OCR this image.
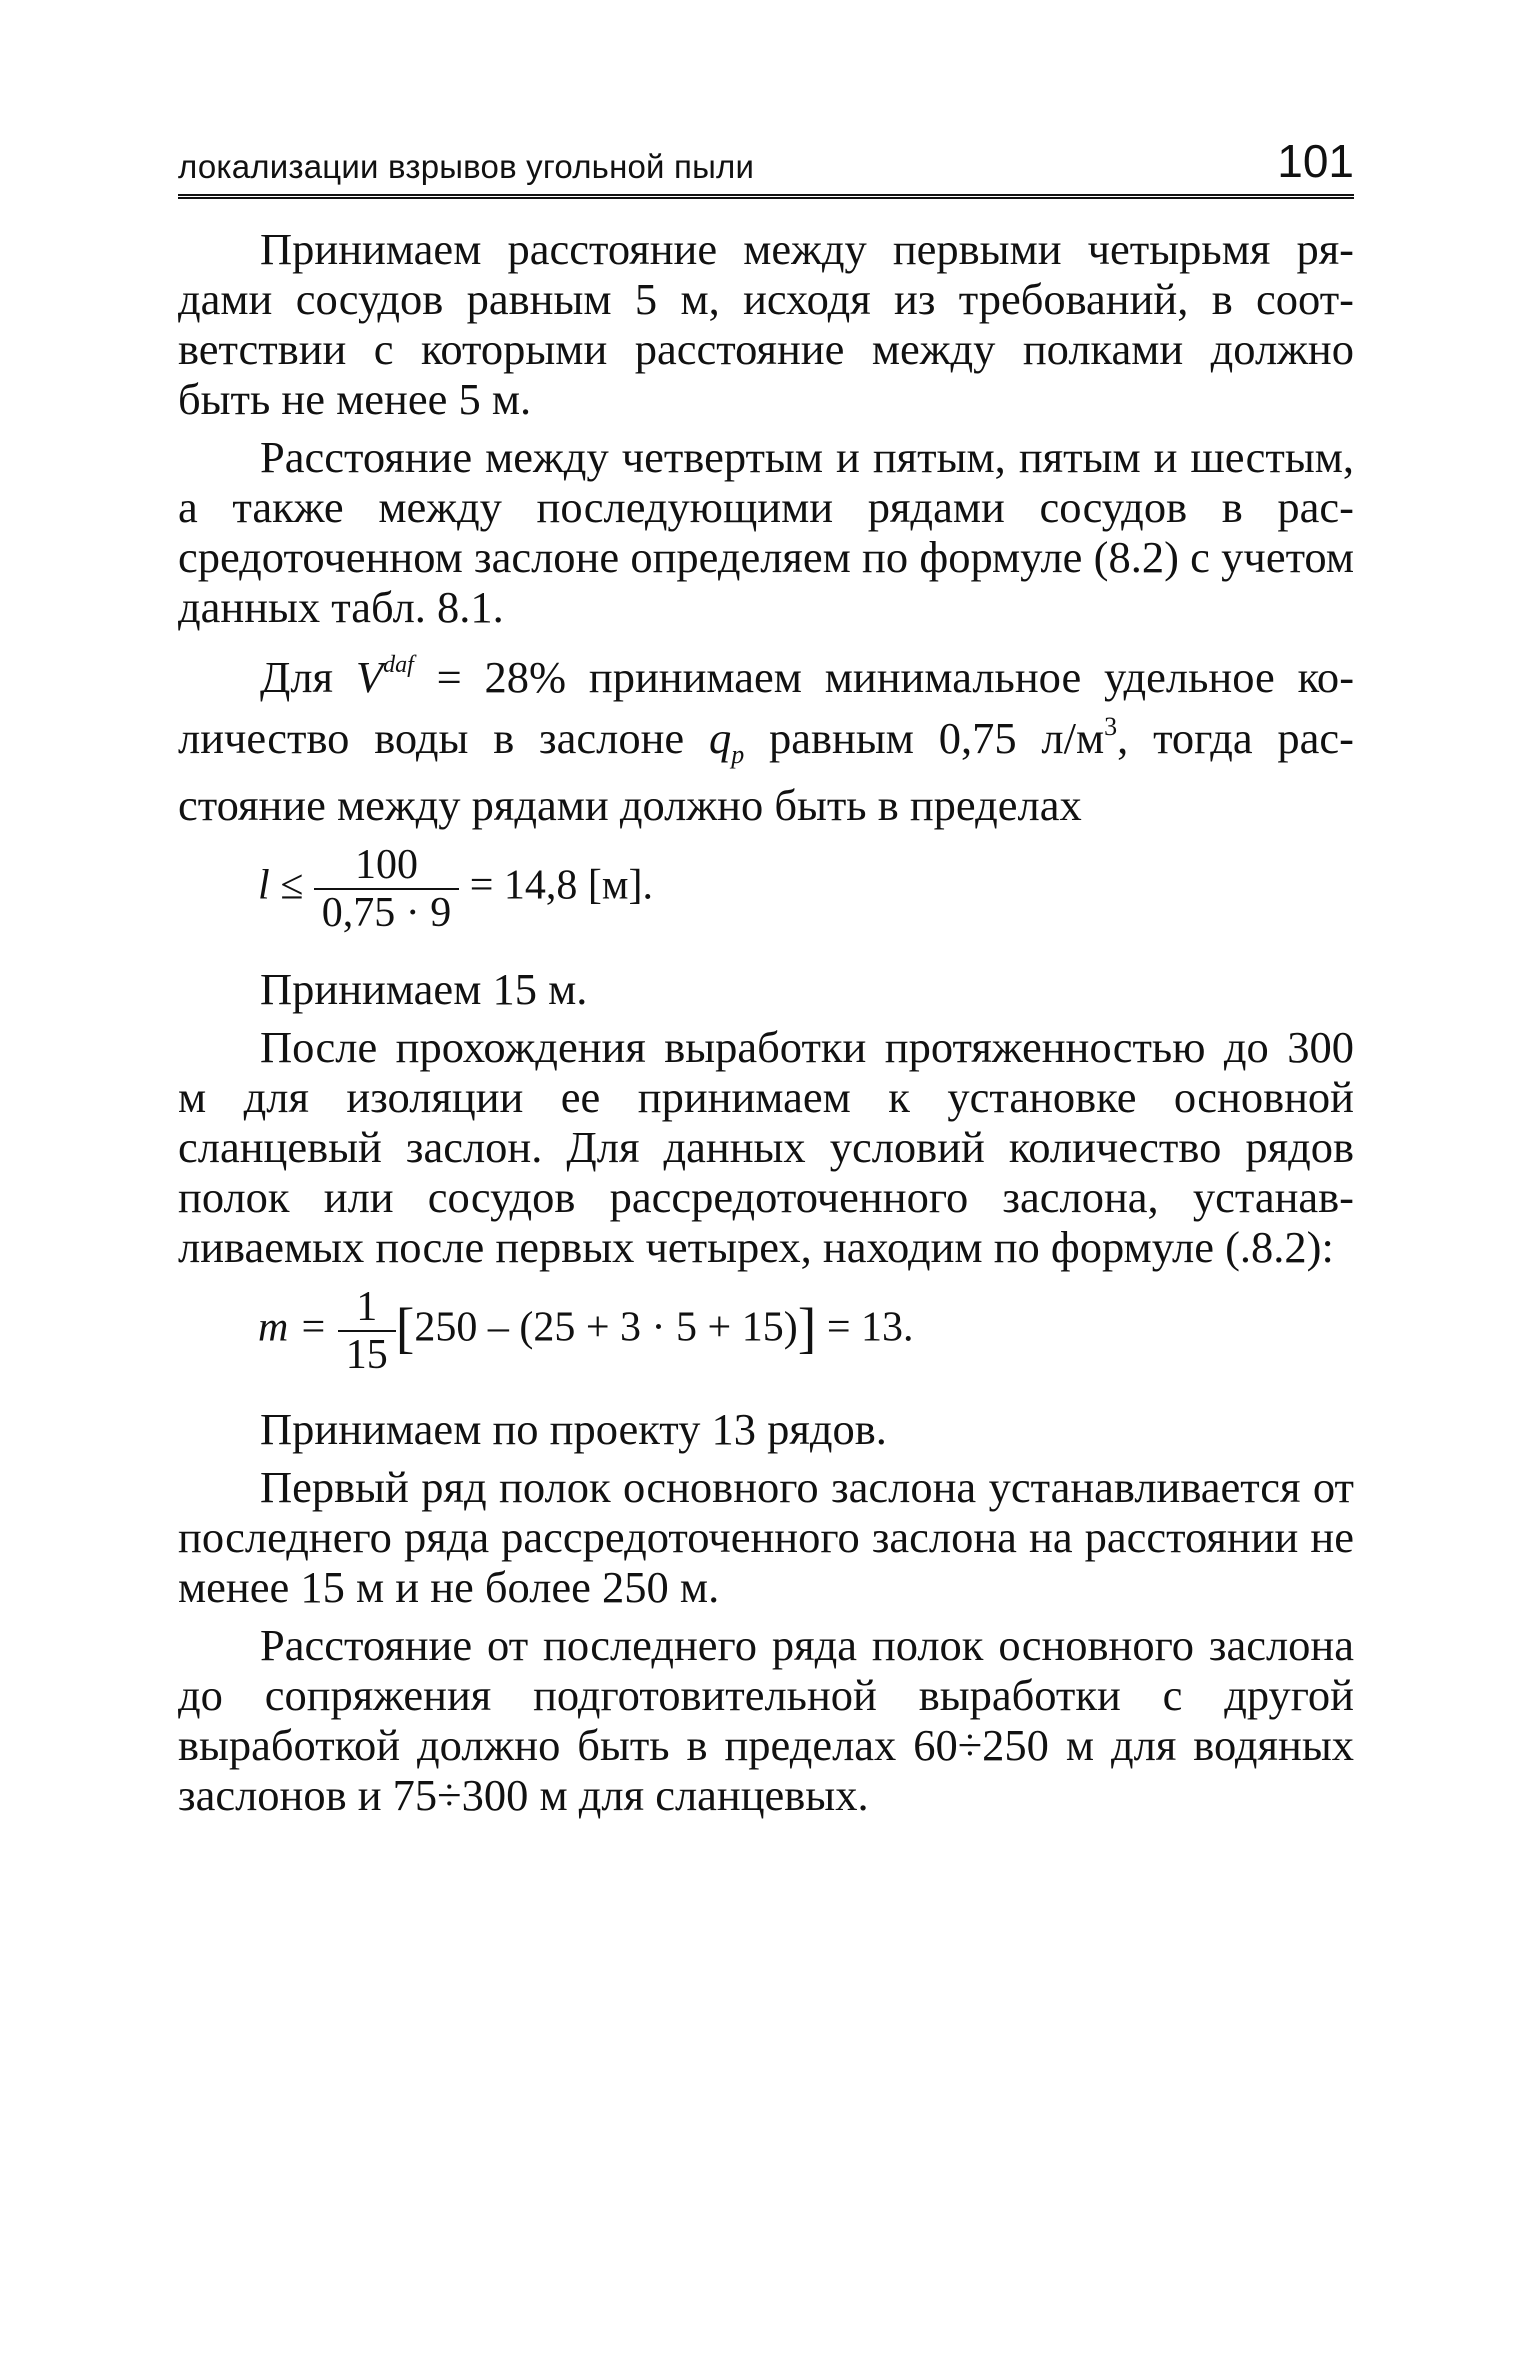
локализации взрывов угольной пыли	101

Принимаем расстояние между первыми четырьмя рядами сосудов равным 5 м, исходя из требований, в соответствии с которыми расстояние между полками должно быть не менее 5 м.

Расстояние между четвертым и пятым, пятым и шестым, а также между последующими рядами сосудов в рассредоточенном заслоне определяем по формуле (8.2) с учетом данных табл. 8.1.

Для $V^{daf} = 28\%$ принимаем минимальное удельное количество воды в заслоне $q_p$ равным 0,75 $л/м^3$, тогда расстояние между рядами должно быть в пределах

$l \le \frac{100}{0,75 \cdot 9} = 14,8$ [м].

Принимаем 15 м.

После прохождения выработки протяженностью до 300 м для изоляции ее принимаем к установке основной сланцевый заслон. Для данных условий количество рядов полок или сосудов рассредоточенного заслона, устанавливаемых после первых четырех, находим по формуле (.8.2):

$m = \frac{1}{15} [250 - (25 + 3 \cdot 5 + 15)] = 13$.

Принимаем по проекту 13 рядов.

Первый ряд полок основного заслона устанавливается от последнего ряда рассредоточенного заслона на расстоянии не менее 15 м и не более 250 м.

Расстояние от последнего ряда полок основного заслона до сопряжения подготовительной выработки с другой выработкой должно быть в пределах 60÷250 м для водяных заслонов и 75÷300 м для сланцевых.
